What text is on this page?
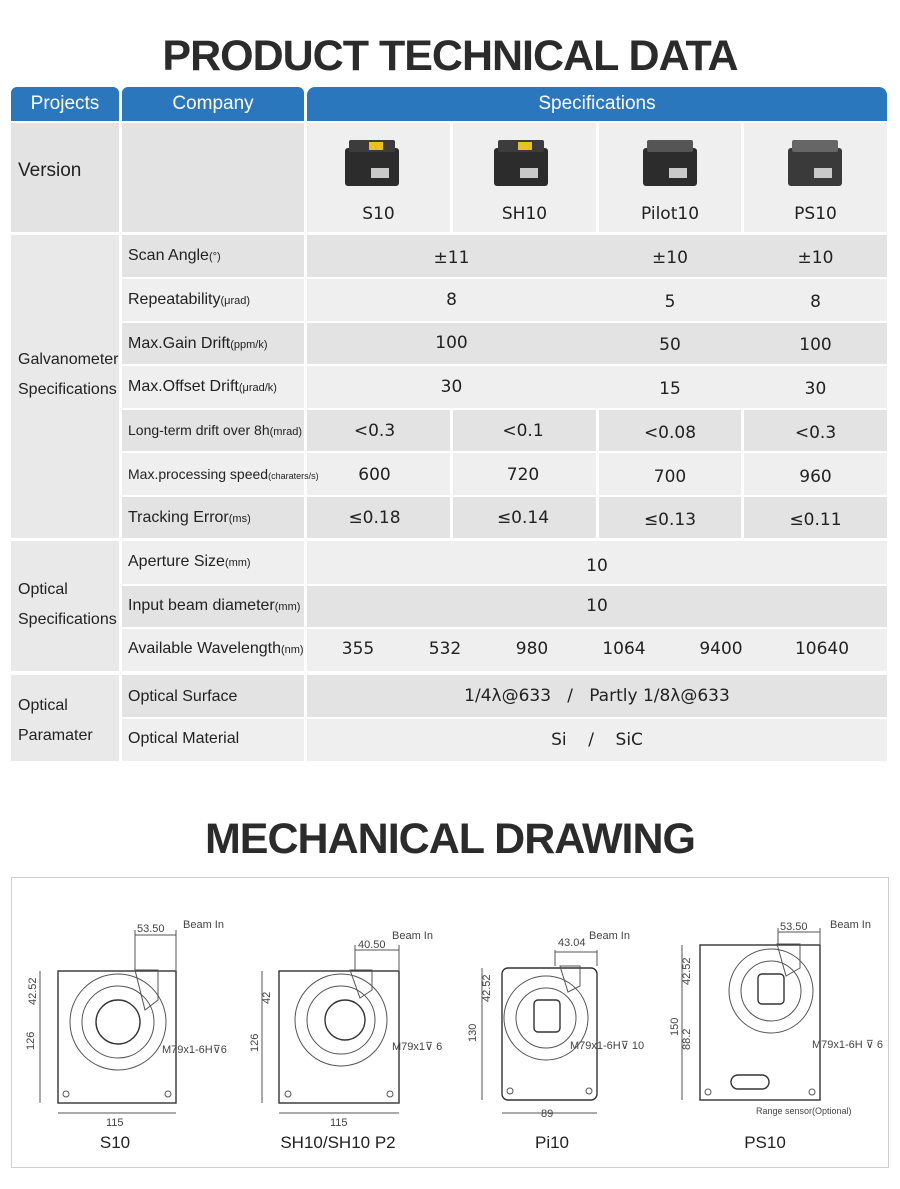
PRODUCT TECHNICAL DATA
Projects	Company	Specifications
Version
S10	SH10	Pilot10	PS10
Galvanometer
Specifications
Scan Angle(°)	±11	±10	±10
Repeatability(μrad)	8	5	8
Max.Gain Drift(ppm/k)	100	50	100
Max.Offset Drift(μrad/k)	30	15	30
Long-term drift over 8h(mrad)	<0.3	<0.1	<0.08	<0.3
Max.processing speed(charaters/s)	600	720	700	960
Tracking Error(ms)	≤0.18	≤0.14	≤0.13	≤0.11
Optical
Specifications
Aperture Size(mm)	10
Input beam diameter(mm)	10
Available Wavelength(nm)	355	532	980	1064	9400	10640
Optical
Paramater
Optical Surface	1/4λ@633   /   Partly 1/8λ@633
Optical Material	Si    /    SiC
MECHANICAL DRAWING
53.50 Beam In
42.52
126
115
M79x1-6H⊽6
40.50
Beam In
42
126
115
M79x1⊽ 6
43.04
Beam In
42.52
130
89
M79x1-6H⊽ 10
53.50 Beam In
42.52
150
88.2	M79x1-6H ⊽ 6
Range sensor(Optional)
S10	SH10/SH10 P2	Pi10	PS10
